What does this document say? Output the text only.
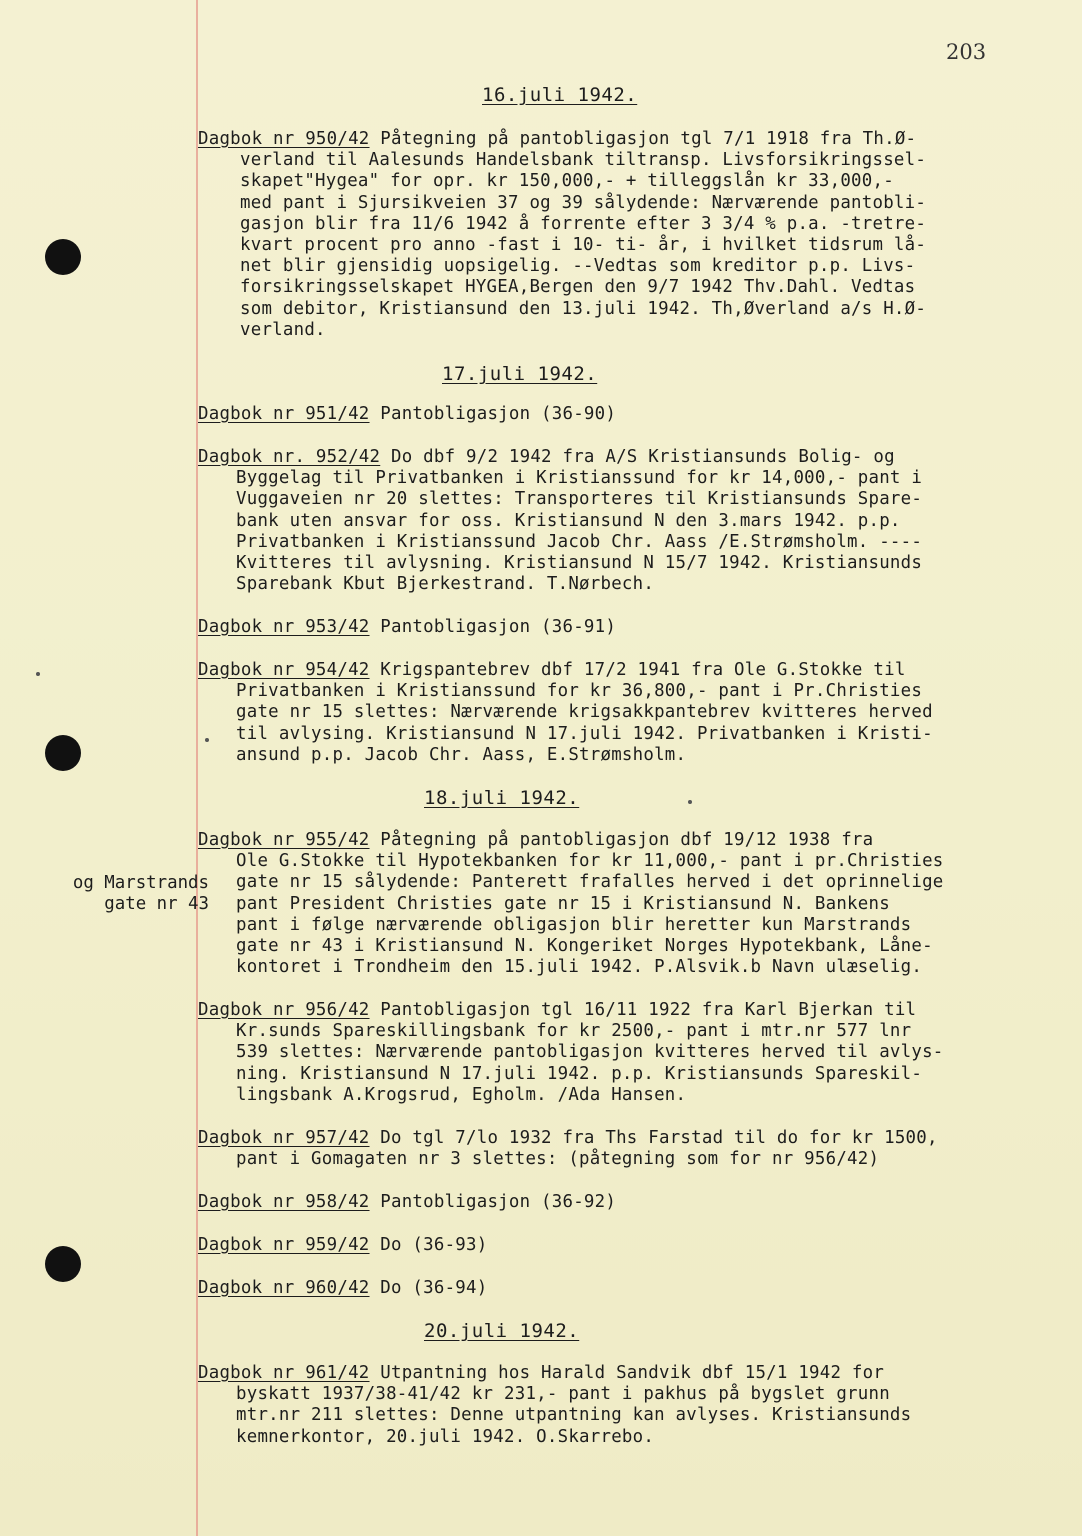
203
16.juli 1942.
Dagbok nr 950/42 Påtegning på pantobligasjon tgl 7/1 1918 fra Th.Ø-
verland til Aalesunds Handelsbank tiltransp. Livsforsikringssel-
skapet"Hygea" for opr. kr 150,000,- + tilleggslån kr 33,000,-
med pant i Sjursikveien 37 og 39 sålydende: Nærværende pantobli-
gasjon blir fra 11/6 1942 å forrente efter 3 3/4 % p.a. -tretre-
kvart procent pro anno -fast i 10- ti- år, i hvilket tidsrum lå-
net blir gjensidig uopsigelig. --Vedtas som kreditor p.p. Livs-
forsikringsselskapet HYGEA,Bergen den 9/7 1942 Thv.Dahl. Vedtas
som debitor, Kristiansund den 13.juli 1942. Th,Øverland a/s H.Ø-
verland.
17.juli 1942.
Dagbok nr 951/42 Pantobligasjon (36-90)
Dagbok nr. 952/42 Do dbf 9/2 1942 fra A/S Kristiansunds Bolig- og
Byggelag til Privatbanken i Kristianssund for kr 14,000,- pant i
Vuggaveien nr 20 slettes: Transporteres til Kristiansunds Spare-
bank uten ansvar for oss. Kristiansund N den 3.mars 1942. p.p.
Privatbanken i Kristianssund Jacob Chr. Aass /E.Strømsholm. ----
Kvitteres til avlysning. Kristiansund N 15/7 1942. Kristiansunds
Sparebank Kbut Bjerkestrand. T.Nørbech.
Dagbok nr 953/42 Pantobligasjon (36-91)
Dagbok nr 954/42 Krigspantebrev dbf 17/2 1941 fra Ole G.Stokke til
Privatbanken i Kristianssund for kr 36,800,- pant i Pr.Christies
gate nr 15 slettes: Nærværende krigsakkpantebrev kvitteres herved
til avlysing. Kristiansund N 17.juli 1942. Privatbanken i Kristi-
ansund p.p. Jacob Chr. Aass, E.Strømsholm.
18.juli 1942.
og Marstrands
gate nr 43
Dagbok nr 955/42 Påtegning på pantobligasjon dbf 19/12 1938 fra
Ole G.Stokke til Hypotekbanken for kr 11,000,- pant i pr.Christies
gate nr 15 sålydende: Panterett frafalles herved i det oprinnelige
pant President Christies gate nr 15 i Kristiansund N. Bankens
pant i følge nærværende obligasjon blir heretter kun Marstrands
gate nr 43 i Kristiansund N. Kongeriket Norges Hypotekbank, Låne-
kontoret i Trondheim den 15.juli 1942. P.Alsvik.b Navn ulæselig.
Dagbok nr 956/42 Pantobligasjon tgl 16/11 1922 fra Karl Bjerkan til
Kr.sunds Spareskillingsbank for kr 2500,- pant i mtr.nr 577 lnr
539 slettes: Nærværende pantobligasjon kvitteres herved til avlys-
ning. Kristiansund N 17.juli 1942. p.p. Kristiansunds Spareskil-
lingsbank A.Krogsrud, Egholm. /Ada Hansen.
Dagbok nr 957/42 Do tgl 7/lo 1932 fra Ths Farstad til do for kr 1500,
pant i Gomagaten nr 3 slettes: (påtegning som for nr 956/42)
Dagbok nr 958/42 Pantobligasjon (36-92)
Dagbok nr 959/42 Do (36-93)
Dagbok nr 960/42 Do (36-94)
20.juli 1942.
Dagbok nr 961/42 Utpantning hos Harald Sandvik dbf 15/1 1942 for
byskatt 1937/38-41/42 kr 231,- pant i pakhus på bygslet grunn
mtr.nr 211 slettes: Denne utpantning kan avlyses. Kristiansunds
kemnerkontor, 20.juli 1942. O.Skarrebo.
